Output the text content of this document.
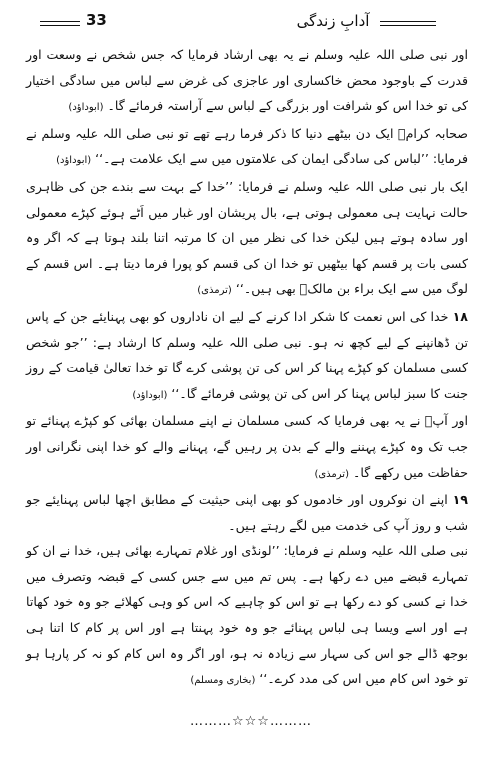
33	آدابِ زندگی

اور نبی صلی اللہ علیہ وسلم نے یہ بھی ارشاد فرمایا کہ جس شخص نے وسعت اور قدرت کے باوجود محض خاکساری اور عاجزی کی غرض سے لباس میں سادگی اختیار کی تو خدا اس کو شرافت اور بزرگی کے لباس سے آراستہ فرمائے گا۔ (ابوداؤد)

صحابہ کرامؓ ایک دن بیٹھے دنیا کا ذکر فرما رہے تھے تو نبی صلی اللہ علیہ وسلم نے فرمایا: ’’لباس کی سادگی ایمان کی علامتوں میں سے ایک علامت ہے۔‘‘ (ابوداؤد)

ایک بار نبی صلی اللہ علیہ وسلم نے فرمایا: ’’خدا کے بہت سے بندے جن کی ظاہری حالت نہایت ہی معمولی ہوتی ہے، بال پریشان اور غبار میں اَٹے ہوئے کپڑے معمولی اور سادہ ہوتے ہیں لیکن خدا کی نظر میں ان کا مرتبہ اتنا بلند ہوتا ہے کہ اگر وہ کسی بات پر قسم کھا بیٹھیں تو خدا ان کی قسم کو پورا فرما دیتا ہے۔ اس قسم کے لوگ میں سے ایک براء بن مالکؓ بھی ہیں۔‘‘ (ترمذی)

١٨ خدا کی اس نعمت کا شکر ادا کرنے کے لیے ان ناداروں کو بھی پہنایئے جن کے پاس تن ڈھانپنے کے لیے کچھ نہ ہو۔ نبی صلی اللہ علیہ وسلم کا ارشاد ہے: ’’جو شخص کسی مسلمان کو کپڑے پہنا کر اس کی تن پوشی کرے گا تو خدا تعالیٰ قیامت کے روز جنت کا سبز لباس پہنا کر اس کی تن پوشی فرمائے گا۔‘‘ (ابوداؤد)

اور آپؐ نے یہ بھی فرمایا کہ کسی مسلمان نے اپنے مسلمان بھائی کو کپڑے پہنائے تو جب تک وہ کپڑے پہننے والے کے بدن پر رہیں گے، پہنانے والے کو خدا اپنی نگرانی اور حفاظت میں رکھے گا۔ (ترمذی)

١٩ اپنے ان نوکروں اور خادموں کو بھی اپنی حیثیت کے مطابق اچھا لباس پہنایئے جو شب و روز آپ کی خدمت میں لگے رہتے ہیں۔

نبی صلی اللہ علیہ وسلم نے فرمایا: ’’لونڈی اور غلام تمہارے بھائی ہیں، خدا نے ان کو تمہارے قبضے میں دے رکھا ہے۔ پس تم میں سے جس کسی کے قبضہ وتصرف میں خدا نے کسی کو دے رکھا ہے تو اس کو چاہیے کہ اس کو وہی کھلائے جو وہ خود کھاتا ہے اور اسے ویسا ہی لباس پہنائے جو وہ خود پہنتا ہے اور اس پر کام کا اتنا ہی بوجھ ڈالے جو اس کی سہار سے زیادہ نہ ہو، اور اگر وہ اس کام کو نہ کر پارہا ہو تو خود اس کام میں اس کی مدد کرے۔‘‘ (بخاری ومسلم)

………☆☆☆………
